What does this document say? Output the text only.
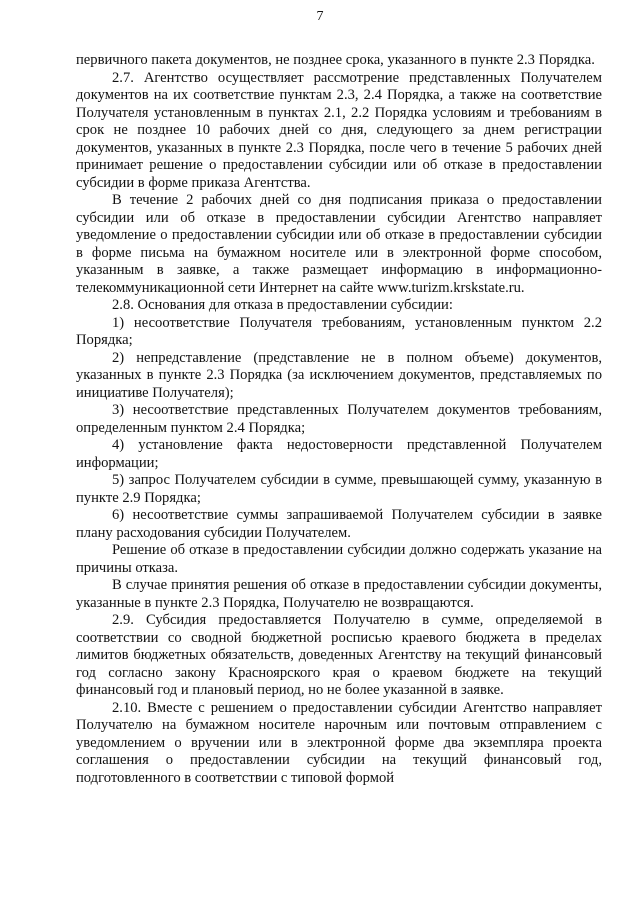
7

первичного пакета документов, не позднее срока, указанного в пункте 2.3 Порядка.

2.7. Агентство осуществляет рассмотрение представленных Получателем документов на их соответствие пунктам 2.3, 2.4 Порядка, а также на соответствие Получателя установленным в пунктах 2.1, 2.2 Порядка условиям и требованиям в срок не позднее 10 рабочих дней со дня, следующего за днем регистрации документов, указанных в пункте 2.3 Порядка, после чего в течение 5 рабочих дней принимает решение о предоставлении субсидии или об отказе в предоставлении субсидии в форме приказа Агентства.

В течение 2 рабочих дней со дня подписания приказа о предоставлении субсидии или об отказе в предоставлении субсидии Агентство направляет уведомление о предоставлении субсидии или об отказе в предоставлении субсидии в форме письма на бумажном носителе или в электронной форме способом, указанным в заявке, а также размещает информацию в информационно-телекоммуникационной сети Интернет на сайте www.turizm.krskstate.ru.

2.8. Основания для отказа в предоставлении субсидии:

1) несоответствие Получателя требованиям, установленным пунктом 2.2 Порядка;

2) непредставление (представление не в полном объеме) документов, указанных в пункте 2.3 Порядка (за исключением документов, представляемых по инициативе Получателя);

3) несоответствие представленных Получателем документов требованиям, определенным пунктом 2.4 Порядка;

4) установление факта недостоверности представленной Получателем информации;

5) запрос Получателем субсидии в сумме, превышающей сумму, указанную в пункте 2.9 Порядка;

6) несоответствие суммы запрашиваемой Получателем субсидии в заявке плану расходования субсидии Получателем.

Решение об отказе в предоставлении субсидии должно содержать указание на причины отказа.

В случае принятия решения об отказе в предоставлении субсидии документы, указанные в пункте 2.3 Порядка, Получателю не возвращаются.

2.9. Субсидия предоставляется Получателю в сумме, определяемой в соответствии со сводной бюджетной росписью краевого бюджета в пределах лимитов бюджетных обязательств, доведенных Агентству на текущий финансовый год согласно закону Красноярского края о краевом бюджете на текущий финансовый год и плановый период, но не более указанной в заявке.

2.10. Вместе с решением о предоставлении субсидии Агентство направляет Получателю на бумажном носителе нарочным или почтовым отправлением с уведомлением о вручении или в электронной форме два экземпляра проекта соглашения о предоставлении субсидии на текущий финансовый год, подготовленного в соответствии с типовой формой
